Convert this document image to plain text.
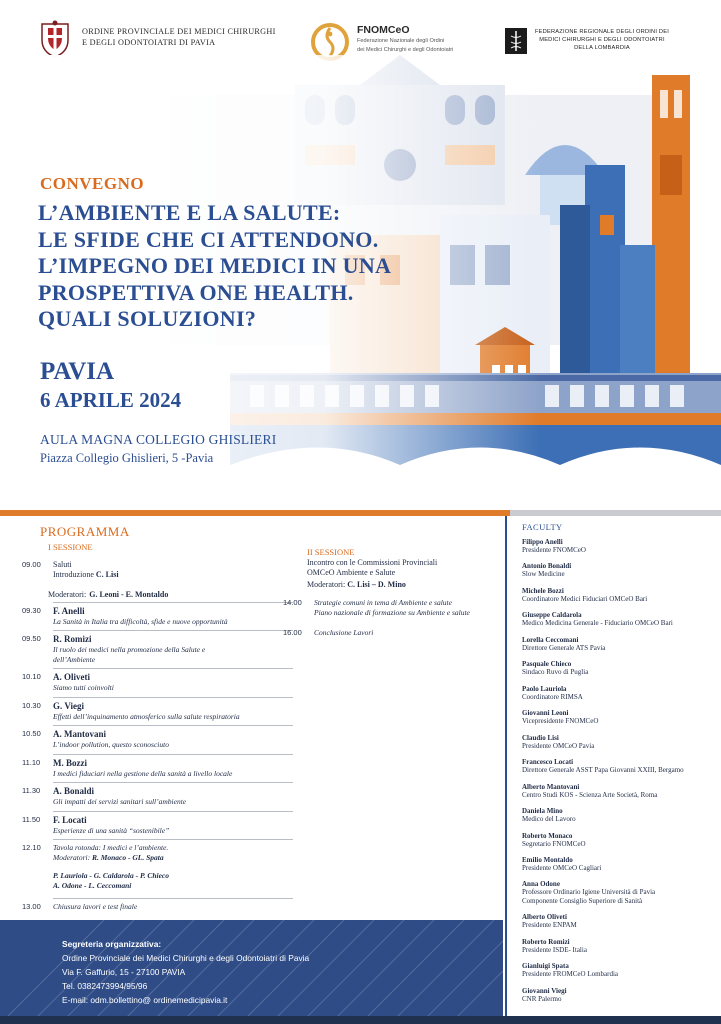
ORDINE PROVINCIALE DEI MEDICI CHIRURGHI
E DEGLI ODONTOIATRI DI PAVIA
FNOMCeO
Federazione Nazionale degli Ordini
dei Medici Chirurghi e degli Odontoiatri
FEDERAZIONE REGIONALE DEGLI ORDINI DEI
MEDICI CHIRURGHI E DEGLI ODONTOIATRI
DELLA LOMBARDIA
CONVEGNO
L’AMBIENTE E LA SALUTE:
LE SFIDE CHE CI ATTENDONO.
L’IMPEGNO DEI MEDICI IN UNA
PROSPETTIVA ONE HEALTH.
QUALI SOLUZIONI?
PAVIA
6 APRILE 2024
AULA MAGNA COLLEGIO GHISLIERI
Piazza Collegio Ghislieri, 5 -Pavia
PROGRAMMA
I SESSIONE
09.00	Saluti
Introduzione C. Lisi
Moderatori: G. Leoni - E. Montaldo
09.30	F. Anelli
La Sanità in Italia tra difficoltà, sfide e nuove opportunità
09.50	R. Romizi
Il ruolo dei medici nella promozione della Salute e
dell’Ambiente
10.10	A. Oliveti
Siamo tutti coinvolti
10.30	G. Viegi
Effetti dell’inquinamento atmosferico sulla salute respiratoria
10.50	A. Mantovani
L’indoor pollution, questo sconosciuto
11.10	M. Bozzi
I medici fiduciari nella gestione della sanità a livello locale
11.30	A. Bonaldi
Gli impatti dei servizi sanitari sull’ambiente
11.50	F. Locati
Esperienze di una sanità “sostenibile”
12.10	Tavola rotonda: I medici e l’ambiente.
Moderatori: R. Monaco - GL. Spata
P. Lauriola - G. Caldarola - P. Chieco
A. Odone - L. Ceccomani
13.00	Chiusura lavori e test finale
II SESSIONE
Incontro con le Commissioni Provinciali
OMCeO Ambiente e Salute
Moderatori: C. Lisi – D. Mino
14.00	Strategie comuni in tema di Ambiente e salute
Piano nazionale di formazione su Ambiente e salute
16.00	Conclusione Lavori
FACULTY
Filippo Anelli
Presidente FNOMCeO
Antonio Bonaldi
Slow Medicine
Michele Bozzi
Coordinatore Medici Fiduciari OMCeO Bari
Giuseppe Caldarola
Medico Medicina Generale - Fiduciario OMCeO Bari
Lorella Ceccomani
Direttore Generale ATS Pavia
Pasquale Chieco
Sindaco Ruvo di Puglia
Paolo Lauriola
Coordinatore RIMSA
Giovanni Leoni
Vicepresidente FNOMCeO
Claudio Lisi
Presidente OMCeO Pavia
Francesco Locati
Direttore Generale ASST Papa Giovanni XXIII, Bergamo
Alberto Mantovani
Centro Studi KOS - Scienza Arte Società, Roma
Daniela Mino
Medico del Lavoro
Roberto Monaco
Segretario FNOMCeO
Emilio Montaldo
Presidente OMCeO Cagliari
Anna Odone
Professore Ordinario Igiene Università di Pavia
Componente Consiglio Superiore di Sanità
Alberto Oliveti
Presidente ENPAM
Roberto Romizi
Presidente ISDE- Italia
Gianluigi Spata
Presidente FROMCeO Lombardia
Giovanni Viegi
CNR Palermo
Segreteria organizzativa:
Ordine Provinciale dei Medici Chirurghi e degli Odontoiatri di Pavia
Via F. Gaffurio, 15 - 27100 PAVIA
Tel. 0382473994/95/96
E-mail: odm.bollettino@ ordinemedicipavia.it
